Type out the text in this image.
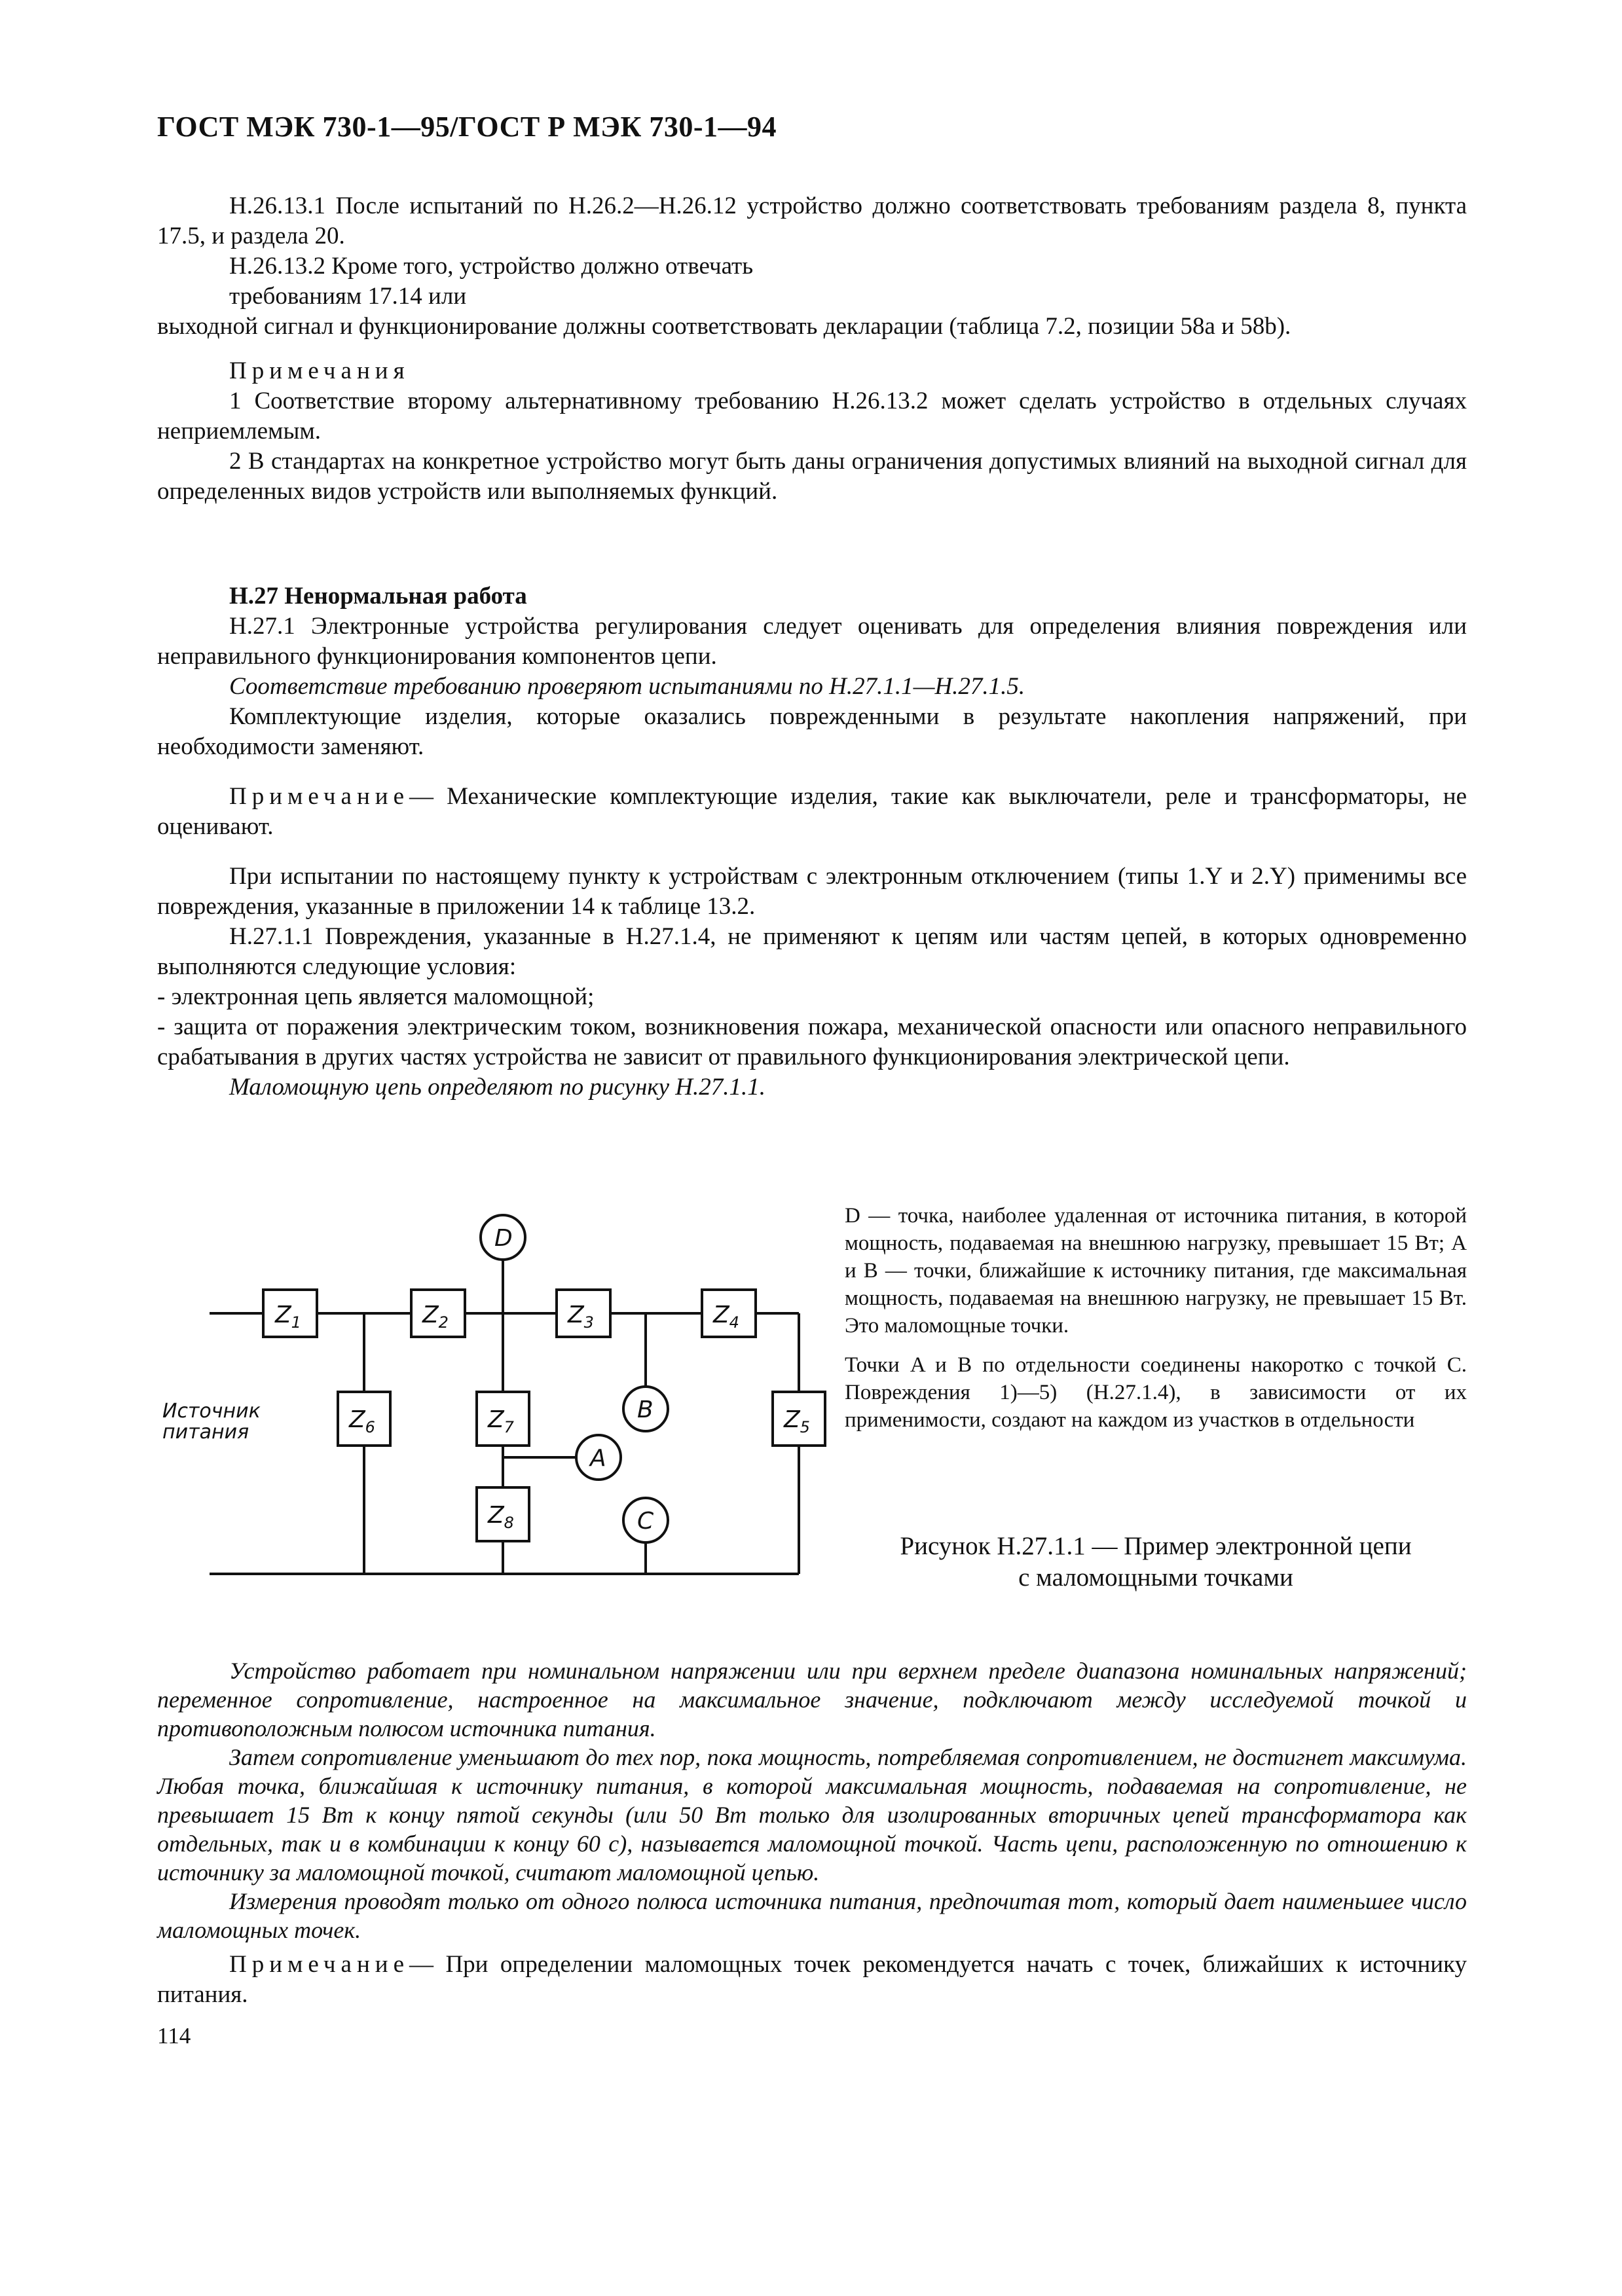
ГОСТ МЭК 730-1—95/ГОСТ Р МЭК 730-1—94

Н.26.13.1 После испытаний по Н.26.2—Н.26.12 устройство должно соответствовать требованиям раздела 8, пункта 17.5, и раздела 20.

Н.26.13.2 Кроме того, устройство должно отвечать

требованиям 17.14 или

выходной сигнал и функционирование должны соответствовать декларации (таблица 7.2, позиции 58а и 58b).

Примечания

1 Соответствие второму альтернативному требованию Н.26.13.2 может сделать устройство в отдельных случаях неприемлемым.

2 В стандартах на конкретное устройство могут быть даны ограничения допустимых влияний на выходной сигнал для определенных видов устройств или выполняемых функций.

Н.27 Ненормальная работа

Н.27.1 Электронные устройства регулирования следует оценивать для определения влияния повреждения или неправильного функционирования компонентов цепи.

Соответствие требованию проверяют испытаниями по Н.27.1.1—Н.27.1.5.

Комплектующие изделия, которые оказались поврежденными в результате накопления напряжений, при необходимости заменяют.

Примечание— Механические комплектующие изделия, такие как выключатели, реле и трансформаторы, не оценивают.

При испытании по настоящему пункту к устройствам с электронным отключением (типы 1.Y и 2.Y) применимы все повреждения, указанные в приложении 14 к таблице 13.2.

Н.27.1.1 Повреждения, указанные в Н.27.1.4, не применяют к цепям или частям цепей, в которых одновременно выполняются следующие условия:

- электронная цепь является маломощной;

- защита от поражения электрическим током, возникновения пожара, механической опасности или опасного неправильного срабатывания в других частях устройства не зависит от правильного функционирования электрической цепи.

Маломощную цепь определяют по рисунку Н.27.1.1.

$Z_1$	$Z_2$	$Z_3$	$Z_4$
$Z_5$
$Z_6$	$Z_7$
$Z_8$
D
A
B
C
Источник
питания

D — точка, наиболее удаленная от источника питания, в которой мощность, подаваемая на внешнюю нагрузку, превышает 15 Вт; A и B — точки, ближайшие к источнику питания, где максимальная мощность, подаваемая на внешнюю нагрузку, не превышает 15 Вт. Это маломощные точки.

Точки A и B по отдельности соединены накоротко с точкой C. Повреждения 1)—5) (Н.27.1.4), в зависимости от их применимости, создают на каждом из участков в отдельности

Рисунок Н.27.1.1 — Пример электронной цепи
с маломощными точками

Устройство работает при номинальном напряжении или при верхнем пределе диапазона номинальных напряжений; переменное сопротивление, настроенное на максимальное значение, подключают между исследуемой точкой и противоположным полюсом источника питания.

Затем сопротивление уменьшают до тех пор, пока мощность, потребляемая сопротивлением, не достигнет максимума. Любая точка, ближайшая к источнику питания, в которой максимальная мощность, подаваемая на сопротивление, не превышает 15 Вт к концу пятой секунды (или 50 Вт только для изолированных вторичных цепей трансформатора как отдельных, так и в комбинации к концу 60 с), называется маломощной точкой. Часть цепи, расположенную по отношению к источнику за маломощной точкой, считают маломощной цепью.

Измерения проводят только от одного полюса источника питания, предпочитая тот, который дает наименьшее число маломощных точек.

Примечание— При определении маломощных точек рекомендуется начать с точек, ближайших к источнику питания.

114
